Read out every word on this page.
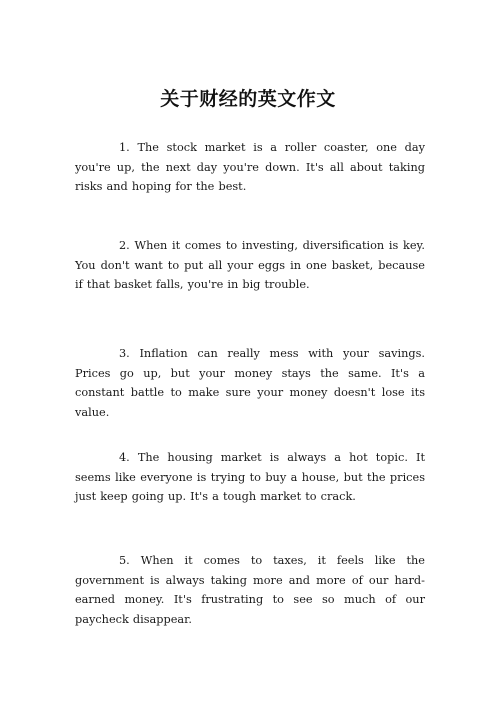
关于财经的英文作文

1. The stock market is a roller coaster, one day you're up, the next day you're down. It's all about taking risks and hoping for the best.

2. When it comes to investing, diversification is key. You don't want to put all your eggs in one basket, because if that basket falls, you're in big trouble.

3. Inflation can really mess with your savings. Prices go up, but your money stays the same. It's a constant battle to make sure your money doesn't lose its value.

4. The housing market is always a hot topic. It seems like everyone is trying to buy a house, but the prices just keep going up. It's a tough market to crack.

5. When it comes to taxes, it feels like the government is always taking more and more of our hard-earned money. It's frustrating to see so much of our paycheck disappear.
